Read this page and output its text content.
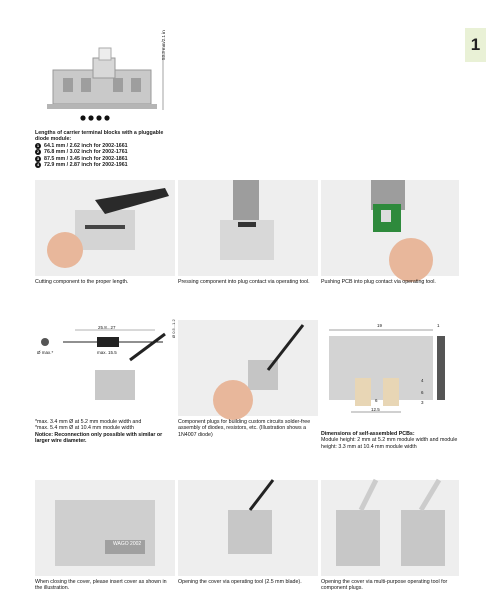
1
53.3 mm/2.1 in
Lengths of carrier terminal blocks with a pluggable diode module:
1 64.1 mm / 2.62 inch for 2002-1661
2 76.8 mm / 3.02 inch for 2002-1761
3 87.5 mm / 3.45 inch for 2002-1861
4 72.9 mm / 2.87 inch for 2002-1961
Cutting component to the proper length.	Pressing component into plug contact via operating tool.	Pushing PCB into plug contact via operating tool.
25.8...27
max. 15.5
Ø max.*
Ø 0.5...1.2
*max. 3.4 mm Ø at 5.2 mm module width and
*max. 5.4 mm Ø at 10.4 mm module width
Notice: Reconnection only possible with similar or larger wire diameter.
Component plugs for building custom circuits solder-free assembly of diodes, resistors, etc. (Illustration shows a 1N4007 diode)
19	1
12.5
6
4
6
3
Dimensions of self-assembled PCBs:
Module height: 2 mm at 5.2 mm module width and module height: 3.3 mm at 10.4 mm module width
WAGO 2002
When closing the cover, please insert cover as shown in the illustration.
Opening the cover via operating tool (2.5 mm blade).	Opening the cover via multi-purpose operating tool for component plugs.
